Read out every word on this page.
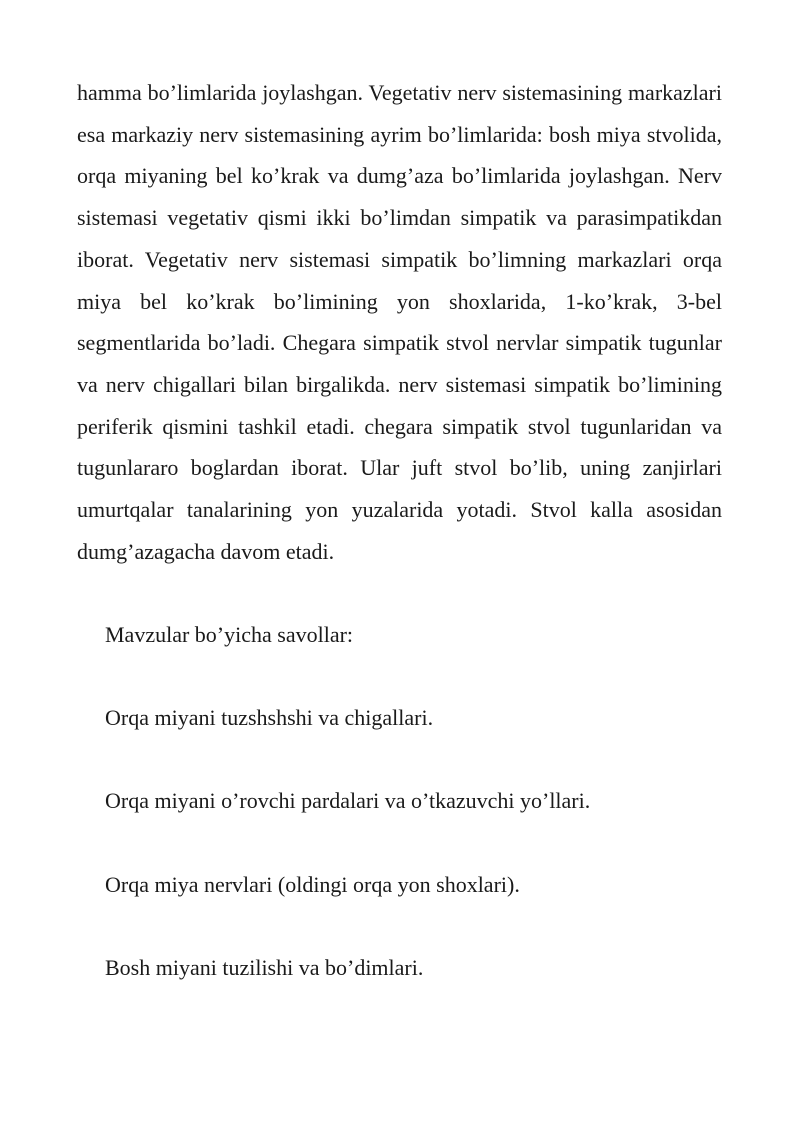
hamma bo’limlarida joylashgan. Vegetativ nerv sistemasining markazlari esa markaziy nerv sistemasining ayrim bo’limlarida: bosh miya stvolida, orqa miyaning bel ko’krak va dumg’aza bo’limlarida joylashgan. Nerv sistemasi vegetativ qismi ikki bo’limdan simpatik va parasimpatikdan iborat. Vegetativ nerv sistemasi simpatik bo’limning markazlari orqa miya bel ko’krak bo’limining yon shoxlarida, 1-ko’krak, 3-bel segmentlarida bo’ladi. Chegara simpatik stvol nervlar simpatik tugunlar va nerv chigallari bilan birgalikda. nerv sistemasi simpatik bo’limining periferik qismini tashkil etadi. chegara simpatik stvol tugunlaridan va tugunlararo boglardan iborat. Ular juft stvol bo’lib, uning zanjirlari umurtqalar tanalarining yon yuzalarida yotadi. Stvol kalla asosidan dumg’azagacha davom etadi.

Mavzular bo’yicha savollar:

Orqa miyani tuzshshshi va chigallari.

Orqa miyani o’rovchi pardalari va o’tkazuvchi yo’llari.

Orqa miya nervlari (oldingi orqa yon shoxlari).

Bosh miyani tuzilishi va bo’dimlari.
